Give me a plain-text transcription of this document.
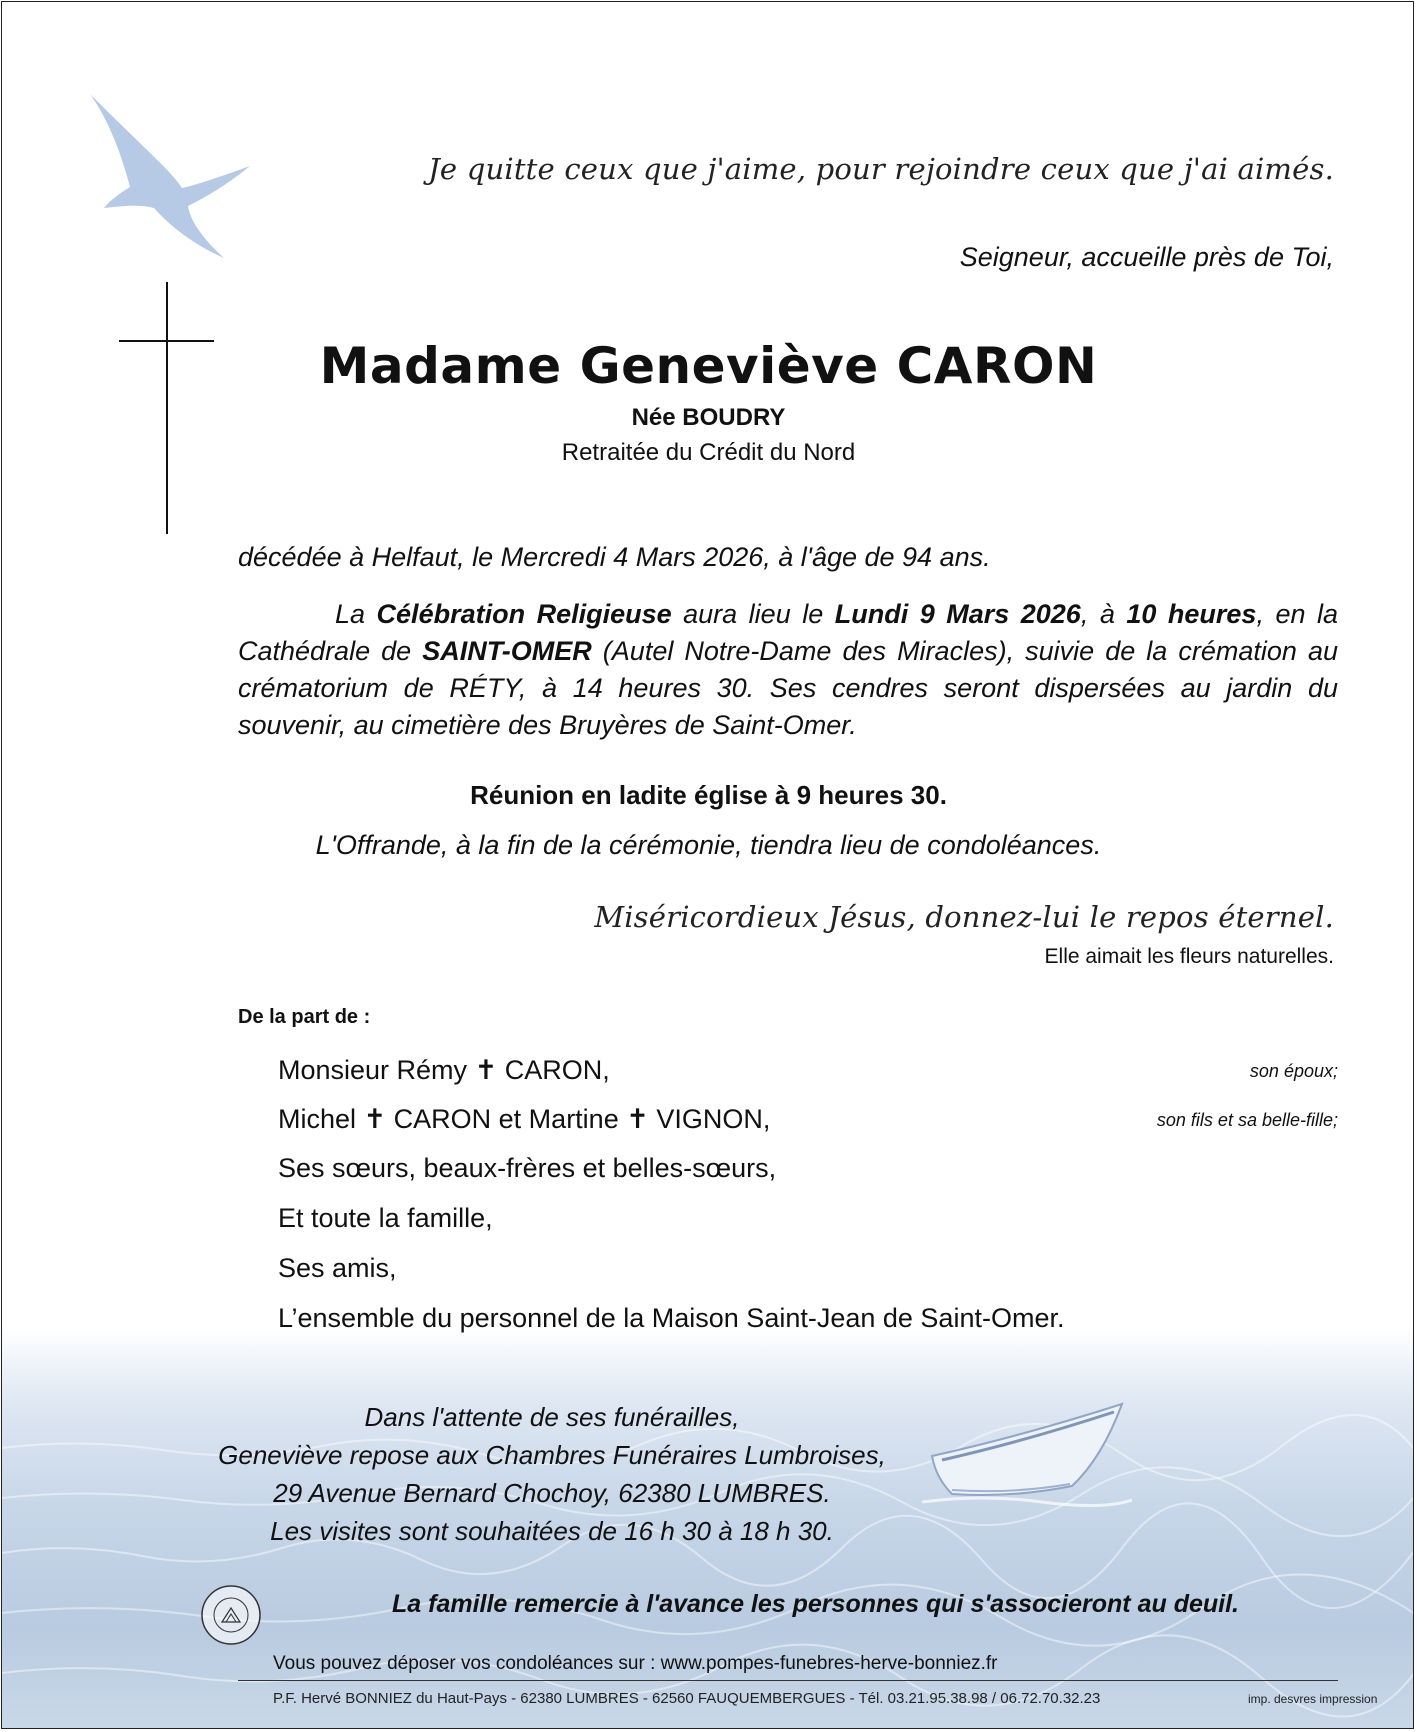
Je quitte ceux que j'aime, pour rejoindre ceux que j'ai aimés.
Seigneur, accueille près de Toi,
Madame Geneviève CARON
Née BOUDRY
Retraitée du Crédit du Nord
décédée à Helfaut, le Mercredi 4 Mars 2026, à l'âge de 94 ans.
La Célébration Religieuse aura lieu le Lundi 9 Mars 2026, à 10 heures, en la Cathédrale de SAINT-OMER (Autel Notre-Dame des Miracles), suivie de la crémation au crématorium de RÉTY, à 14 heures 30. Ses cendres seront dispersées au jardin du souvenir, au cimetière des Bruyères de Saint-Omer.
Réunion en ladite église à 9 heures 30.
L'Offrande, à la fin de la cérémonie, tiendra lieu de condoléances.
Miséricordieux Jésus, donnez-lui le repos éternel.
Elle aimait les fleurs naturelles.
De la part de :
Monsieur Rémy ✝ CARON,	son époux;
Michel ✝ CARON et Martine ✝ VIGNON,	son fils et sa belle-fille;
Ses sœurs, beaux-frères et belles-sœurs,
Et toute la famille,
Ses amis,
L’ensemble du personnel de la Maison Saint-Jean de Saint-Omer.
Dans l'attente de ses funérailles,
Geneviève repose aux Chambres Funéraires Lumbroises,
29 Avenue Bernard Chochoy, 62380 LUMBRES.
Les visites sont souhaitées de 16 h 30 à 18 h 30.
La famille remercie à l'avance les personnes qui s'associeront au deuil.
Vous pouvez déposer vos condoléances sur : www.pompes-funebres-herve-bonniez.fr
P.F. Hervé BONNIEZ du Haut-Pays - 62380 LUMBRES - 62560 FAUQUEMBERGUES - Tél. 03.21.95.38.98 / 06.72.70.32.23	imp. desvres impression
